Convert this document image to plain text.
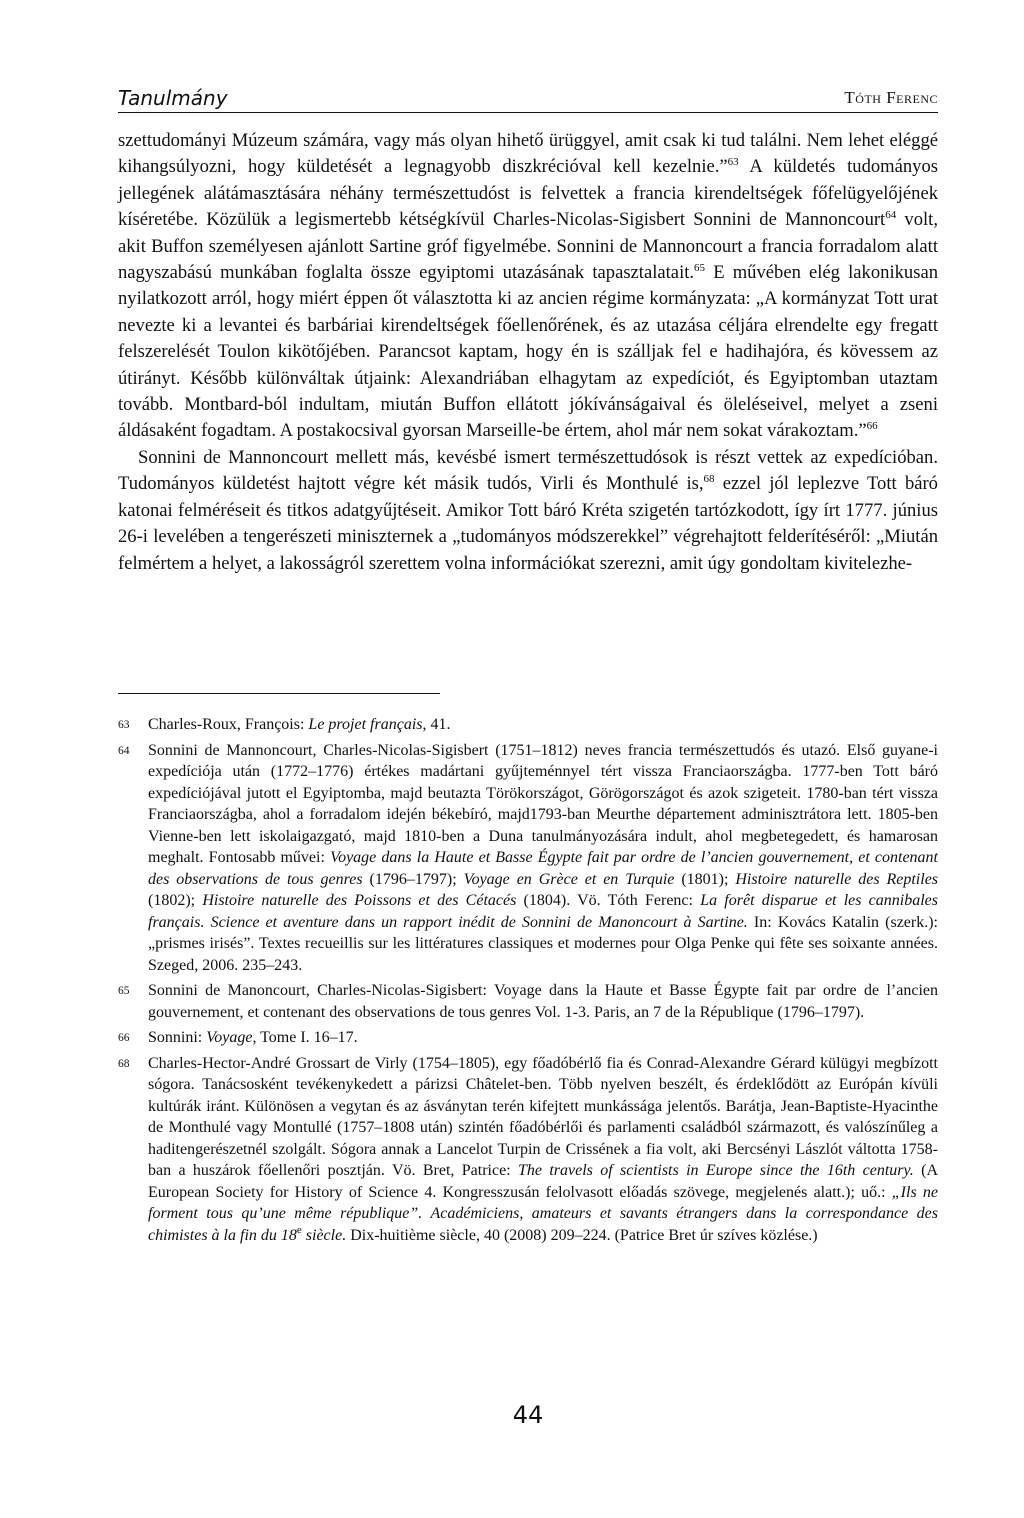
Tanulmány	Tóth Ferenc

szettudományi Múzeum számára, vagy más olyan hihető ürüggyel, amit csak ki tud találni. Nem lehet eléggé kihangsúlyozni, hogy küldetését a legnagyobb diszkrécióval kell kezelnie.”$^{63}$ A küldetés tudományos jellegének alátámasztására néhány természettudóst is felvettek a francia kirendeltségek főfelügyelőjének kíséretébe. Közülük a legismertebb kétségkívül Charles-Nicolas-Sigisbert Sonnini de Mannoncourt$^{64}$ volt, akit Buffon személyesen ajánlott Sartine gróf figyelmébe. Sonnini de Mannoncourt a francia forradalom alatt nagyszabású munkában foglalta össze egyiptomi utazásának tapasztalatait.$^{65}$ E művében elég lakonikusan nyilatkozott arról, hogy miért éppen őt választotta ki az ancien régime kormányzata: „A kormányzat Tott urat nevezte ki a levantei és barbáriai kirendeltségek főellenőrének, és az utazása céljára elrendelte egy fregatt felszerelését Toulon kikötőjében. Parancsot kaptam, hogy én is szálljak fel e hadihajóra, és kövessem az útirányt. Később különváltak útjaink: Alexandriában elhagytam az expedíciót, és Egyiptomban utaztam tovább. Montbard-ból indultam, miután Buffon ellátott jókívánságaival és öleléseivel, melyet a zseni áldásaként fogadtam. A postakocsival gyorsan Marseille-be értem, ahol már nem sokat várakoztam.”$^{66}$

Sonnini de Mannoncourt mellett más, kevésbé ismert természettudósok is részt vettek az expedícióban. Tudományos küldetést hajtott végre két másik tudós, Virli és Monthulé is,$^{68}$ ezzel jól leplezve Tott báró katonai felméréseit és titkos adatgyűjtéseit. Amikor Tott báró Kréta szigetén tartózkodott, így írt 1777. június 26-i levelében a tengerészeti miniszternek a „tudományos módszerekkel” végrehajtott felderítéséről: „Miután felmértem a helyet, a lakosságról szerettem volna információkat szerezni, amit úgy gondoltam kivitelezhe-

63 Charles-Roux, François: Le projet français, 41.
64 Sonnini de Mannoncourt, Charles-Nicolas-Sigisbert (1751–1812) neves francia természettudós és utazó. Első guyane-i expedíciója után (1772–1776) értékes madártani gyűjteménnyel tért vissza Franciaországba. 1777-ben Tott báró expedíciójával jutott el Egyiptomba, majd beutazta Törökországot, Görögországot és azok szigeteit. 1780-ban tért vissza Franciaországba, ahol a forradalom idején békebíró, majd1793-ban Meurthe département adminisztrátora lett. 1805-ben Vienne-ben lett iskolaigazgató, majd 1810-ben a Duna tanulmányozására indult, ahol megbetegedett, és hamarosan meghalt. Fontosabb művei: Voyage dans la Haute et Basse Égypte fait par ordre de l’ancien gouvernement, et contenant des observations de tous genres (1796–1797); Voyage en Grèce et en Turquie (1801); Histoire naturelle des Reptiles (1802); Histoire naturelle des Poissons et des Cétacés (1804). Vö. Tóth Ferenc: La forêt disparue et les cannibales français. Science et aventure dans un rapport inédit de Sonnini de Manoncourt à Sartine. In: Kovács Katalin (szerk.): „prismes irisés”. Textes recueillis sur les littératures classiques et modernes pour Olga Penke qui fête ses soixante années. Szeged, 2006. 235–243.
65 Sonnini de Manoncourt, Charles-Nicolas-Sigisbert: Voyage dans la Haute et Basse Égypte fait par ordre de l’ancien gouvernement, et contenant des observations de tous genres Vol. 1-3. Paris, an 7 de la République (1796–1797).
66 Sonnini: Voyage, Tome I. 16–17.
68 Charles-Hector-André Grossart de Virly (1754–1805), egy főadóbérlő fia és Conrad-Alexandre Gérard külügyi megbízott sógora. Tanácsosként tevékenykedett a párizsi Châtelet-ben. Több nyelven beszélt, és érdeklődött az Európán kívüli kultúrák iránt. Különösen a vegytan és az ásványtan terén kifejtett munkássága jelentős. Barátja, Jean-Baptiste-Hyacinthe de Monthulé vagy Montullé (1757–1808 után) szintén főadóbérlői és parlamenti családból származott, és valószínűleg a haditengerészetnél szolgált. Sógora annak a Lancelot Turpin de Crissének a fia volt, aki Bercsényi Lászlót váltotta 1758-ban a huszárok főellenőri posztján. Vö. Bret, Patrice: The travels of scientists in Europe since the 16th century. (A European Society for History of Science 4. Kongresszusán felolvasott előadás szövege, megjelenés alatt.); uő.: „Ils ne forment tous qu’une même république”. Académiciens, amateurs et savants étrangers dans la correspondance des chimistes à la fin du 18e siècle. Dix-huitième siècle, 40 (2008) 209–224. (Patrice Bret úr szíves közlése.)
44
